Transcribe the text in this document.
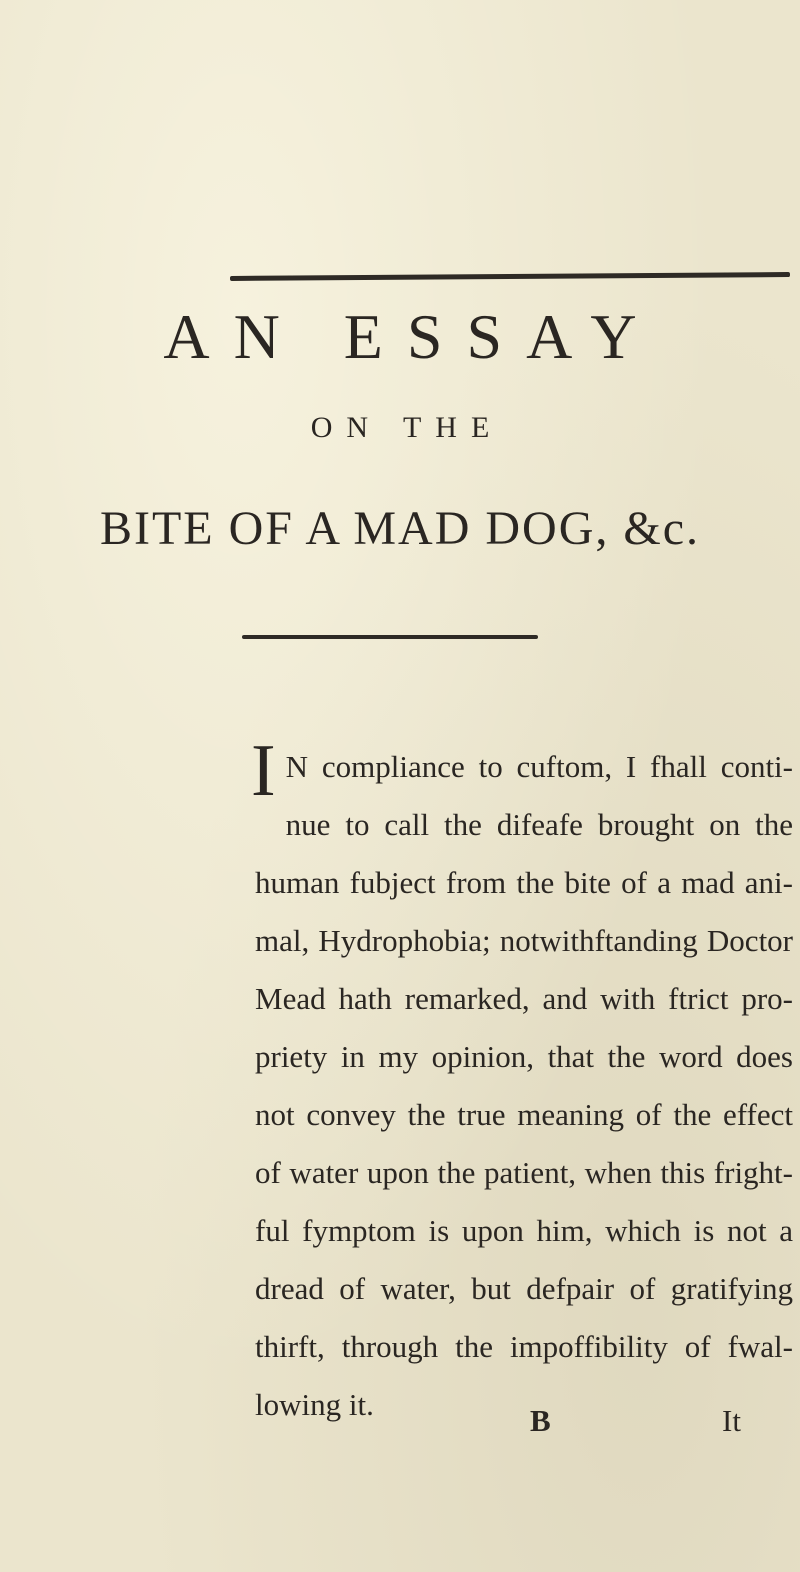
AN ESSAY
ON THE
BITE OF A MAD DOG, &c.

I N compliance to cuftom, I fhall conti- nue to call the difeafe brought on the human fubject from the bite of a mad ani- mal, Hydrophobia; notwithftanding Doctor Mead hath remarked, and with ftrict pro- priety in my opinion, that the word does not convey the true meaning of the effect of water upon the patient, when this fright- ful fymptom is upon him, which is not a dread of water, but defpair of gratifying thirft, through the impoffibility of fwal- lowing it.	B	It
